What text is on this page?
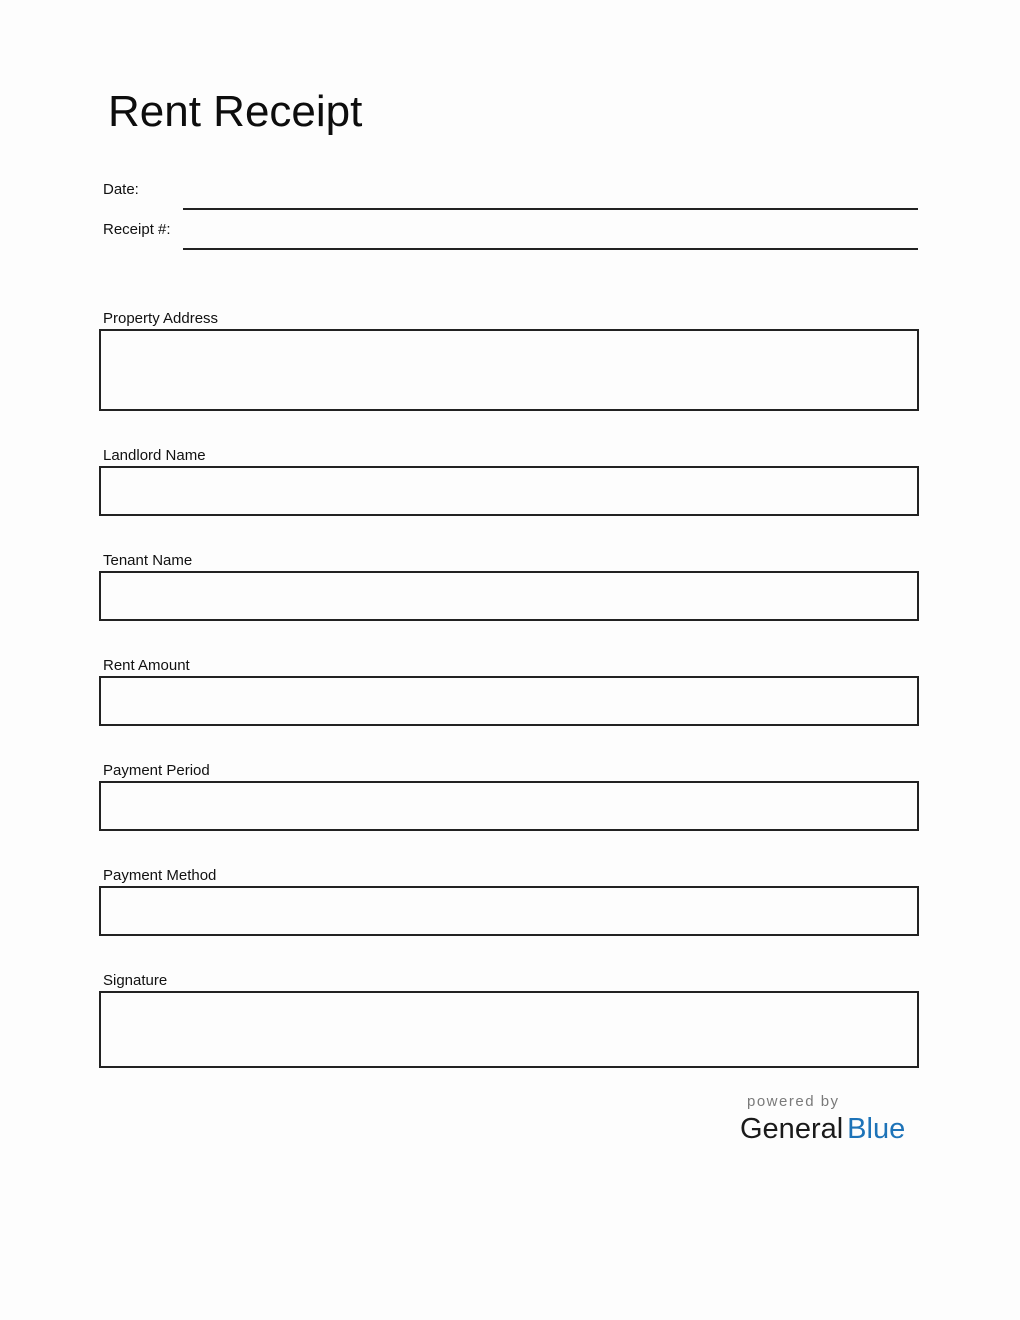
Rent Receipt
Date:
Receipt #:
Property Address
Landlord Name
Tenant Name
Rent Amount
Payment Period
Payment Method
Signature
powered by
General Blue
